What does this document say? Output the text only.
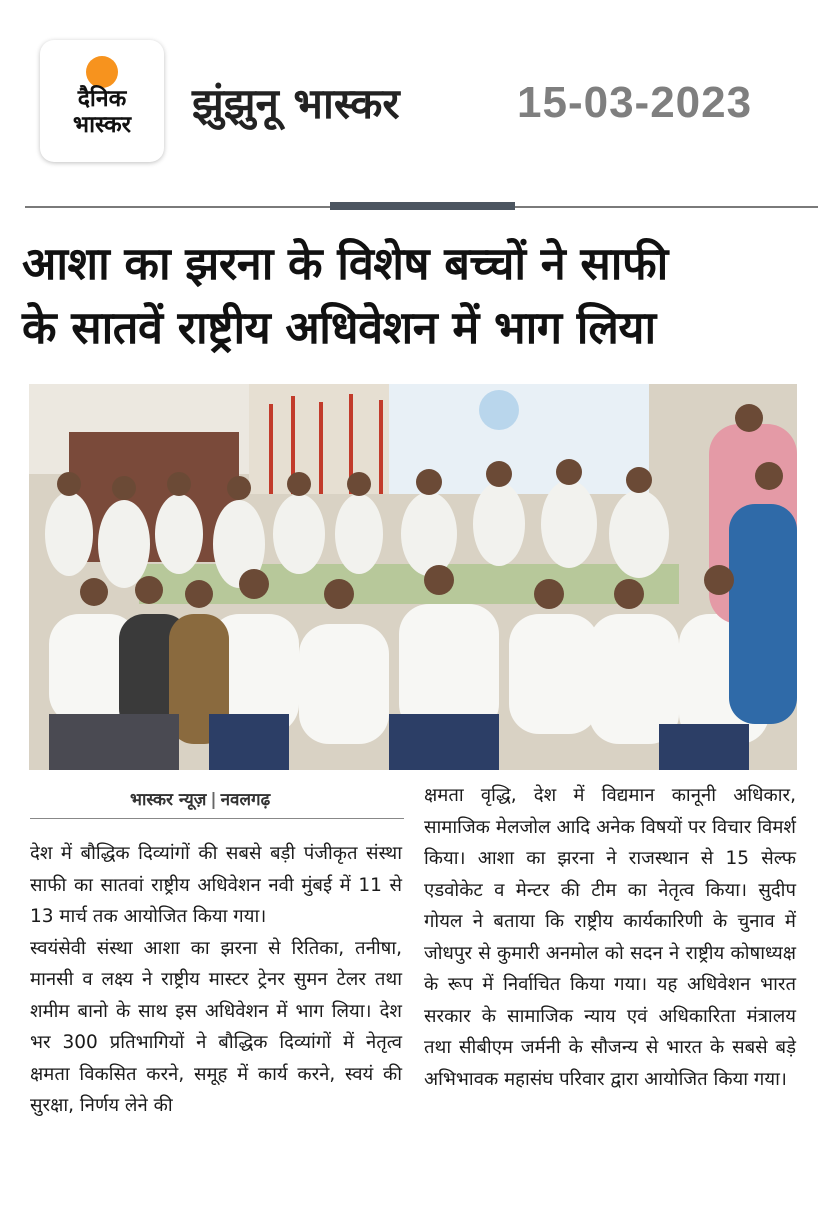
दैनिक
भास्कर	झुंझुनू भास्कर	15-03-2023
आशा का झरना के विशेष बच्चों ने साफी
के सातवें राष्ट्रीय अधिवेशन में भाग लिया
भास्कर न्यूज़ | नवलगढ़
देश में बौद्धिक दिव्यांगों की सबसे बड़ी पंजीकृत संस्था साफी का सातवां राष्ट्रीय अधिवेशन नवी मुंबई में 11 से 13 मार्च तक आयोजित किया गया।
स्वयंसेवी संस्था आशा का झरना से रितिका, तनीषा, मानसी व लक्ष्य ने राष्ट्रीय मास्टर ट्रेनर सुमन टेलर तथा शमीम बानो के साथ इस अधिवेशन में भाग लिया। देश भर 300 प्रतिभागियों ने बौद्धिक दिव्यांगों में नेतृत्व क्षमता विकसित करने, समूह में कार्य करने, स्वयं की सुरक्षा, निर्णय लेने की
क्षमता वृद्धि, देश में विद्यमान कानूनी अधिकार, सामाजिक मेलजोल आदि अनेक विषयों पर विचार विमर्श किया। आशा का झरना ने राजस्थान से 15 सेल्फ एडवोकेट व मेन्टर की टीम का नेतृत्व किया। सुदीप गोयल ने बताया कि राष्ट्रीय कार्यकारिणी के चुनाव में जोधपुर से कुमारी अनमोल को सदन ने राष्ट्रीय कोषाध्यक्ष के रूप में निर्वाचित किया गया। यह अधिवेशन भारत सरकार के सामाजिक न्याय एवं अधिकारिता मंत्रालय तथा सीबीएम जर्मनी के सौजन्य से भारत के सबसे बड़े अभिभावक महासंघ परिवार द्वारा आयोजित किया गया।
